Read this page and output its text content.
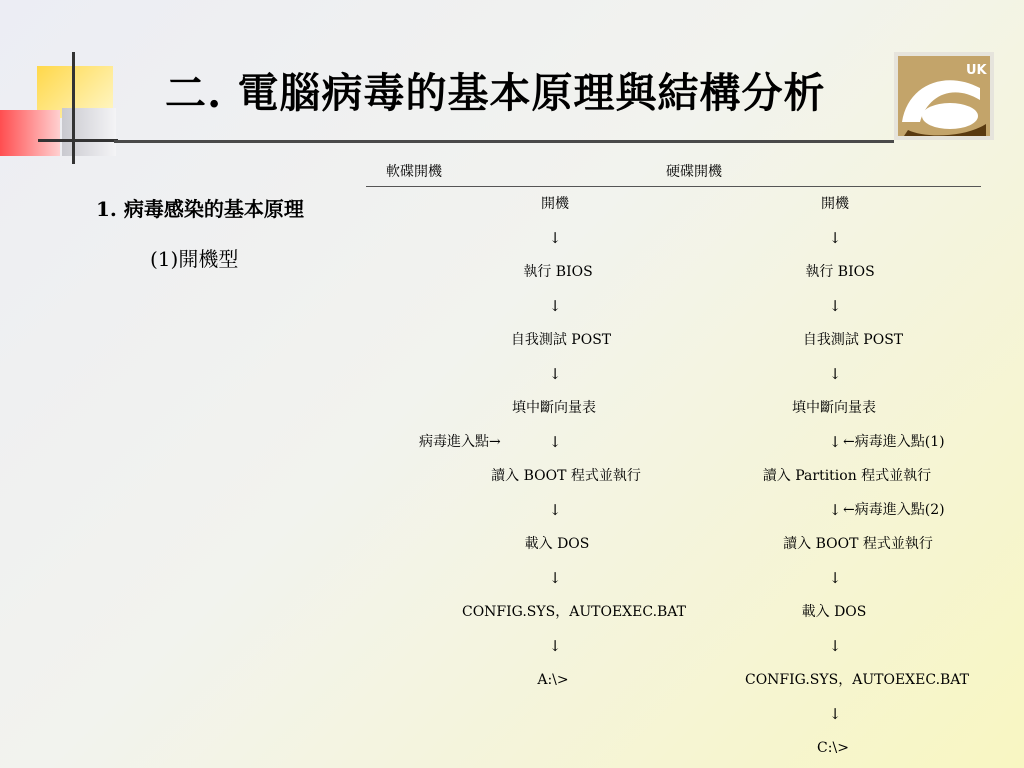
二. 電腦病毒的基本原理與結構分析	UK
1. 病毒感染的基本原理
(1)開機型
軟碟開機	硬碟開機
開機
↓
執行 BIOS
↓
自我測試 POST
↓
填中斷向量表
↓
病毒進入點→
讀入 BOOT 程式並執行
↓
載入 DOS
↓
CONFIG.SYS，AUTOEXEC.BAT
↓
A:\>
開機
↓
執行 BIOS
↓
自我測試 POST
↓
填中斷向量表
↓ ←病毒進入點(1)
讀入 Partition 程式並執行
↓ ←病毒進入點(2)
讀入 BOOT 程式並執行
↓
載入 DOS
↓
CONFIG.SYS，AUTOEXEC.BAT
↓
C:\>
